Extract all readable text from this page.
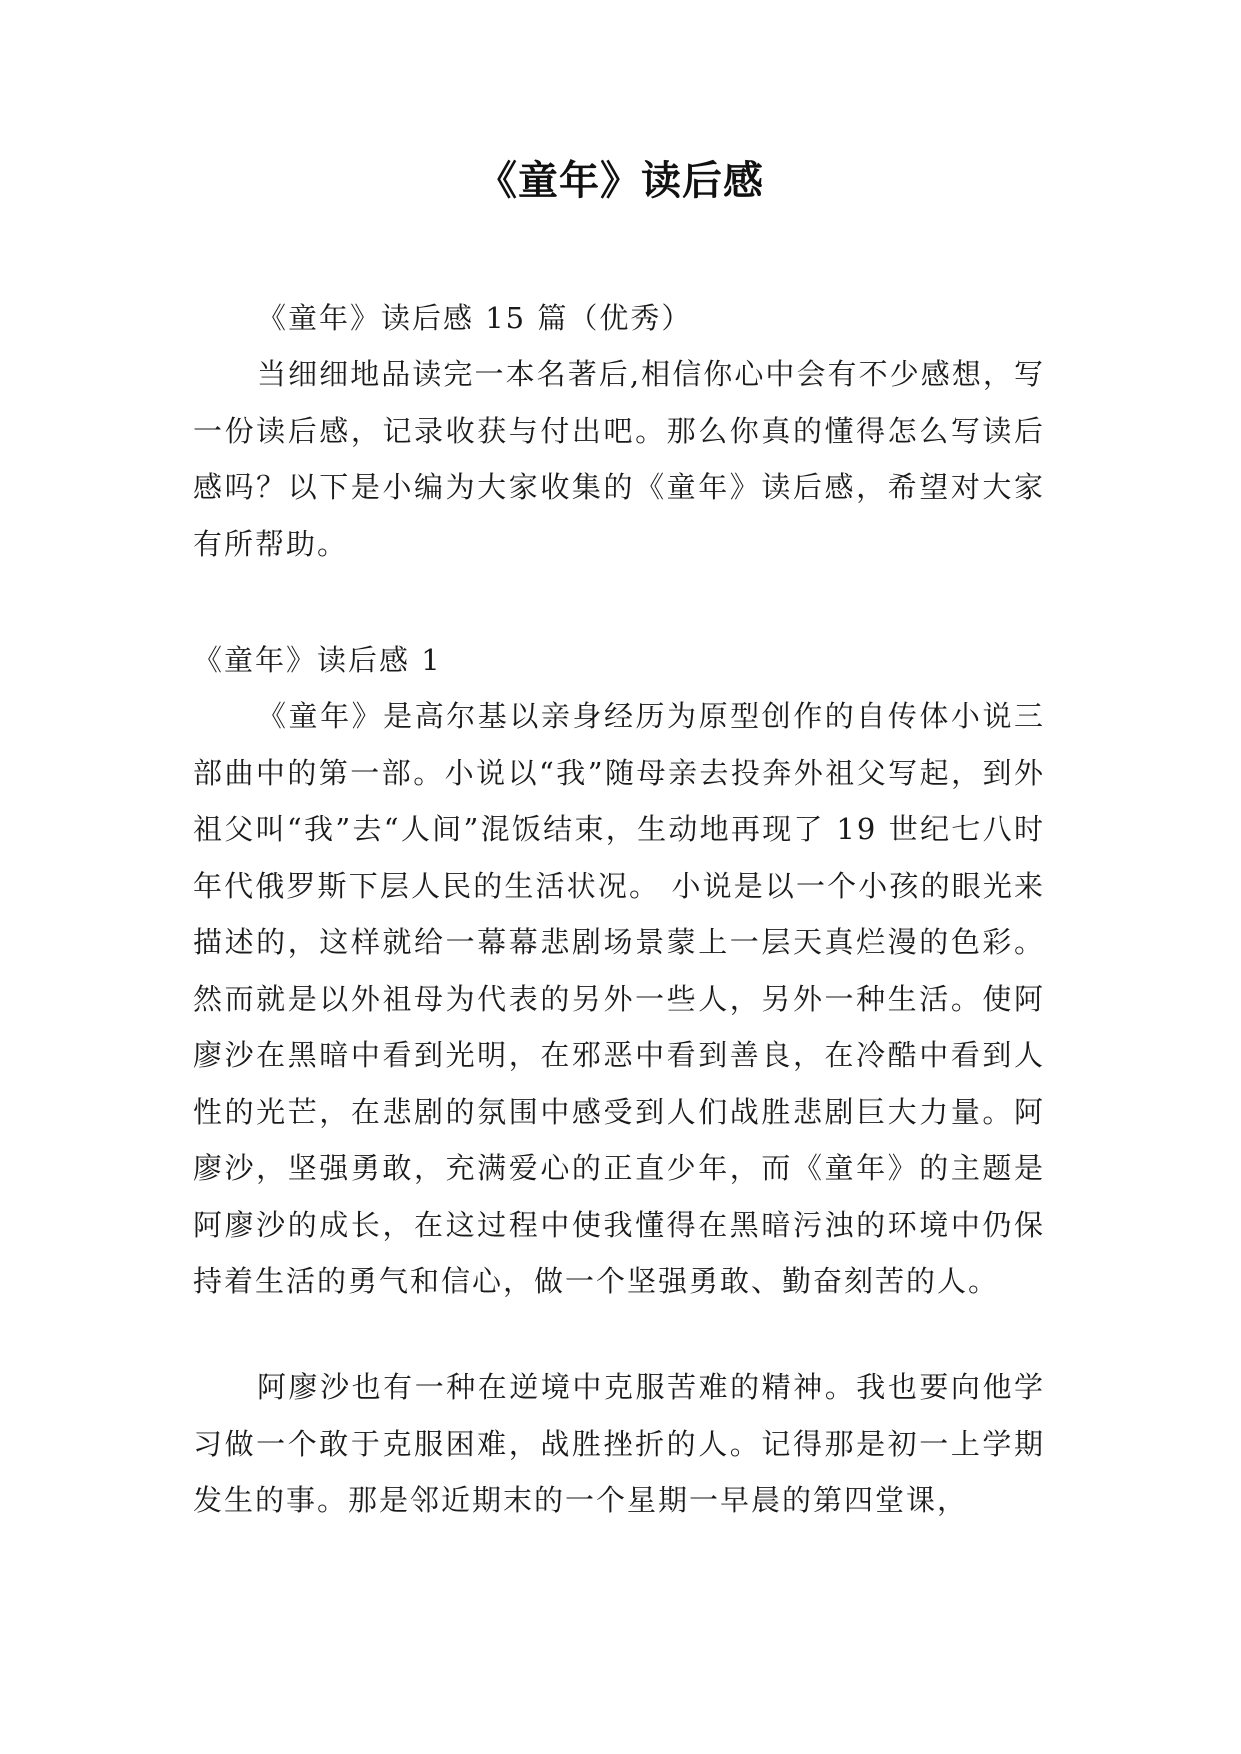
《童年》读后感

《童年》读后感 15 篇（优秀）

当细细地品读完一本名著后,相信你心中会有不少感想，写一份读后感，记录收获与付出吧。那么你真的懂得怎么写读后感吗？以下是小编为大家收集的《童年》读后感，希望对大家有所帮助。

《童年》读后感 1

《童年》是高尔基以亲身经历为原型创作的自传体小说三部曲中的第一部。小说以“我”随母亲去投奔外祖父写起，到外祖父叫“我”去“人间”混饭结束，生动地再现了 19 世纪七八时年代俄罗斯下层人民的生活状况。 小说是以一个小孩的眼光来描述的，这样就给一幕幕悲剧场景蒙上一层天真烂漫的色彩。然而就是以外祖母为代表的另外一些人，另外一种生活。使阿廖沙在黑暗中看到光明，在邪恶中看到善良，在冷酷中看到人性的光芒，在悲剧的氛围中感受到人们战胜悲剧巨大力量。阿廖沙，坚强勇敢，充满爱心的正直少年，而《童年》的主题是阿廖沙的成长，在这过程中使我懂得在黑暗污浊的环境中仍保持着生活的勇气和信心，做一个坚强勇敢、勤奋刻苦的人。

阿廖沙也有一种在逆境中克服苦难的精神。我也要向他学习做一个敢于克服困难，战胜挫折的人。记得那是初一上学期发生的事。那是邻近期末的一个星期一早晨的第四堂课，
